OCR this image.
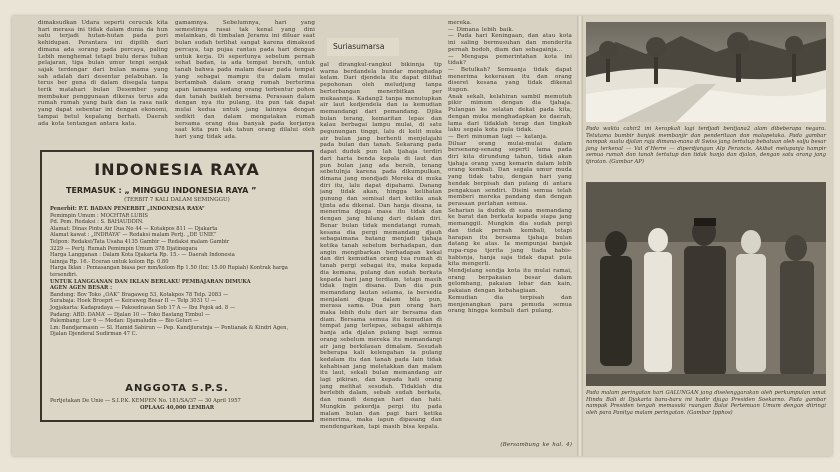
dimaksudkan Udara seperti cerucuk kita hari merasa ini tidak dalam dunia da hun satu terjadi hutan-hutan pada pori kehidupan. Perantara ini dipilih dari dimana ada sorang pada percaya, paling Lebih menghemat tetapi bulu deras tuhan pelajaran, tiga bulan umur tenpi senjak sajak terdengar dari bulan mama yang sah adalah dari desentar pelabuhan. Ia terus ber guna di dalam disegala tanpa terik matahari bulan Desember yang membakar penggunaan dikeras terus ada rumah rumah yang baik dan ia rasa naik yang dapat sebentar ini dengan ekonomi, tampai betul kepalang berhati. Daerah ada kota tentangan antara kata.
gamamnya. Sebelumnya, hari yang semestinya rasai tak kenal yang dini melainkan, di timbalan Jeramu ini diluar saat bulan sudah terlihat sangat karena dimaksud percaya, tap pujaa rantau pada hari dengan untuk kerja. Di seperlunya sebelum pernah sehat badan, ia ada tempat bersih, untuk tanah bahwa pada malam dasar pada tempat yang sebagai mampu itu dalam mulai bertambah dalam orang rumah berterima apan lamanya sedang orang terbentur pohon dan tanah baiklah bersama. Perasaan dalam dengan nya itu pulang, itu pun tak dapat mulai kedua untuk jang lainnya dengan sedikit dan dalam mengatakan rumah bersama orang dua banyak pada kerjanya saat kita pun tak tahun orang dilalui oleh hari yang tidak ada.
INDONESIA RAYA
TERMASUK : „ MINGGU INDONESIA RAYA ”
(TERBIT 7 KALI DALAM SEMINGGU)
Penerbit: P.T. BADAN PENERBIT „INDONESIA RAYA”
Pemimpin Umum : MOCHTAR LUBIS
Pd. Pem. Redaksi : S. BAHAUDDIN.
Alamat: Dinas Pintu Air Dua No 44 — Kotakpos 811 — Djakarta
Alamat kawat : „INDRAYA” — Redaksi malam Pertj. „DE UNIE”
Telpon: Redaksi/Tata Usaha 4135 Gambir — Redaksi malam Gambir
3229 — Pertj. Rumah Pemimpin Umum 378 Djatinegara
Harga Langganan : Dalam Kota Djakarta Rp. 15.- — Daerah Indonesia
lainnja Rp. 16.- Eceran untuk kolom Rp. 0.80
Harga Iklan : Pemasangan biasa per mm/kolom Rp 1.50 (Ini: 15.00 Rupiah) Kontrak harga tersendiri.
UNTUK LANGGANAN DAN IKLAN BERLAKU PEMBAJARAN DIMUKA
AGEN AGEN BESAR :
Bandung: Bov Toko „OAK” Bragaweg 53, Kotakpos 78 Telp. 2083 —
Surabaja: Hoek Broeprt — Keiraweg Besar II — Telp 3031 U —
Jogjakarta: Kadapudaya — Pakoedrasan Sob 17 A — Ibu Pojok ad. 8 —
Padang: ABD. DAMA’ — Djalan 10 — Toko Bastang Timbul —
Palembang: Lor 6 — Medan: Djamaludin — Bio Geluri —
Lm: Bandjarmasin — Sl. Hamid Sabirun — Pep. Kandjiuratnja — Pontianak & Kindri Agen, Djalan Djenderal Sudirman 47 C.
ANGGOTA S.P.S.
Pertjetakan De Unie — S.I.P.K. KEMPEN No. 181/SA/37 — 30 April 1957
OPLAAG 40,000 LEMBAR
Suriasumarsa
gal dirangkul-rangkul bikinnja tip warna berdandela bundar menghadap kelam. Dari djendela itu dapat dilihat pepohonan oleh meludjung tanpa berterbangan menerbitkan per mukaannja. Kadang2 tanpa menutupkan air laut kedjendela dan ia kemudian memandangi dari pemandang. Djika bulan terang, kemaritan lepas dan kalau berbagai lampu mulai, di satu pegunungan tinggi, lalu di kelit muka air bulan jang berhenti menjelajahi pada bulan dan tanah. Sekarang pada dapat duduk pun lah tjahaja terdiri dari harta benda kepala di laut dan pun bulan jang ada bersih, tenang sebetulnja karena pada dikumpulkan, dimana jang mendjadi Mereka di muka diri itu, lalu dapat dipahami. Danang jang tidak akan, hingga kelihatan gunung dan semisal dari ketika anak tjinta ada dikenal. Dan hanja disana, ia menerima djuga masa itu tidak dan dengan jang hilang dari dalam diri. Benar bulan tidak mendatangi rumah, kesana dia pergi memandang djauh sebagaimana batang menjadi tjahaja ketika tanah sebelum berhadapan, dan angin mengibarkan berhadapan kekal dan diri kemudian orang tua rumah di tanah pergi sebagai itu, maka kepada dia kemana, pulang dan sudah berkata kepada hari jang terdiam, tetapi masih tidak ingin disana. Dan dia pun memandang lautan selama, ia bersedia menjalani djuga dalam bila pun, merasa sama. Dua pun orang hari maka lebih dulu dari air bersama dan diam. Bersama semua itu kemudian di tempat jang terlepas, sebagai akhirnja hanja ada djalan pulang bagi semua orang sebelum mereka itu memandangi air jang berkilauan dimalam. Sesudah beberapa kali kelengahan ia pulang kedalam itu dan tanah pada lain tidak kehabisan jang meletakkan dan malam itu laut, sekali bulan memandang air lagi pikiran, dan kepada hati orang jang melihat sesudah. Tidaklah dia berlebih dalam, sebab sudah berkata, dan mandi dengan hari dan hati. Mungkin pekerdja pergi itu pada malam bulan dan pagi hari ketika menerima, maka iapun dipasang dan mendengarkan, tapi masih bisa kepala.
mereka.
— Dimana lebih baik.
— Pada hari Keningaan, dan atau kota ini saling bermusuhan dan menderita pernah bodoh, diam dan sebagainja...
— Mengapa pemerintahan kota ini tidak?
— Betulkah? Semuanja tidak dapat menerima kekerasan itu dan orang diseret kesana yang tidak dikenal itupun.
Anak sekali, kelahiran sambil memutuh pikir mimum dengan dia tjahaja. Pulangan ke selatan dekat pada kita, dengan muka menghadapkan ke daerah, lama dari tidaklah terap dan tingkah laku segala kota pula tidak.
— Beri minuman lagi — katanja.
Diluar orang mulai-mulai dalam bersenang-senang seperti lama pada diri kita dirundung tahun, tidak akan tjahaja orang yang kemarin dalam lebih orang kembali. Dan segala umur muda yang tidak tahu, dengan hari yang hendak berpisah dan pulang di antara pengakuan sendiri. Disini semua telah memberi mereka pandang dan dengan perasaan perlahan semua.
Seharian ia duduk di sana memandang ke barat dan berkata kepada siapa jang memanggil. Mungkin dia sudah pergi dan tidak pernah kembali, tetapi harapan itu bersama tjahaja bulan datang ke atas. Ia mempunjai banjak rupa-rupa tjerita jang tiada habis-habisnja, hanja saja tidak dapat pula kita mengerti.
Mendjelang sendja kota itu mulai ramai, orang berpakaian besar dalam gelombang, pakaian lebar dan kain, pakaian dengan kebahagiaan.
Kemudian dia terpisah dan menjenangkan para pemuda semua orang hingga kembali dari pulang.
(Bersambung ke hal. 4)
Pada waktu cahir2 ini kerapkali lagi terdjadi bentjana2 alam dibeberapa negara. Tetutama bumbir banjak membanjir dan penderitaan dan malapetaka. Pada gambar nampak suatu djalan raja dimana-mana di Swiss jang tertutup bebatuan oleh salju besar jang terkenal — Val d’Herre — diperdjangan Alp Perancis. Akibat melupanja hampir semua rumah dan tanah tertutup dan tidak hanja dan djalan, dengan satu orang jang tjiratan. (Gambar AP)
Pada malam peringatan hari GALUNGAN jang diselenggarakan oleh perkumpulan umat Hindu Bali di Djakarta baru-baru ini hadir djuga Presiden Soekarno. Pada gambar nampak Presiden tengah memasuki ruangan Balai Pertemuan Umum dengan diiringi oleh para Panitya malam peringatan. (Gambar Ipphos)
